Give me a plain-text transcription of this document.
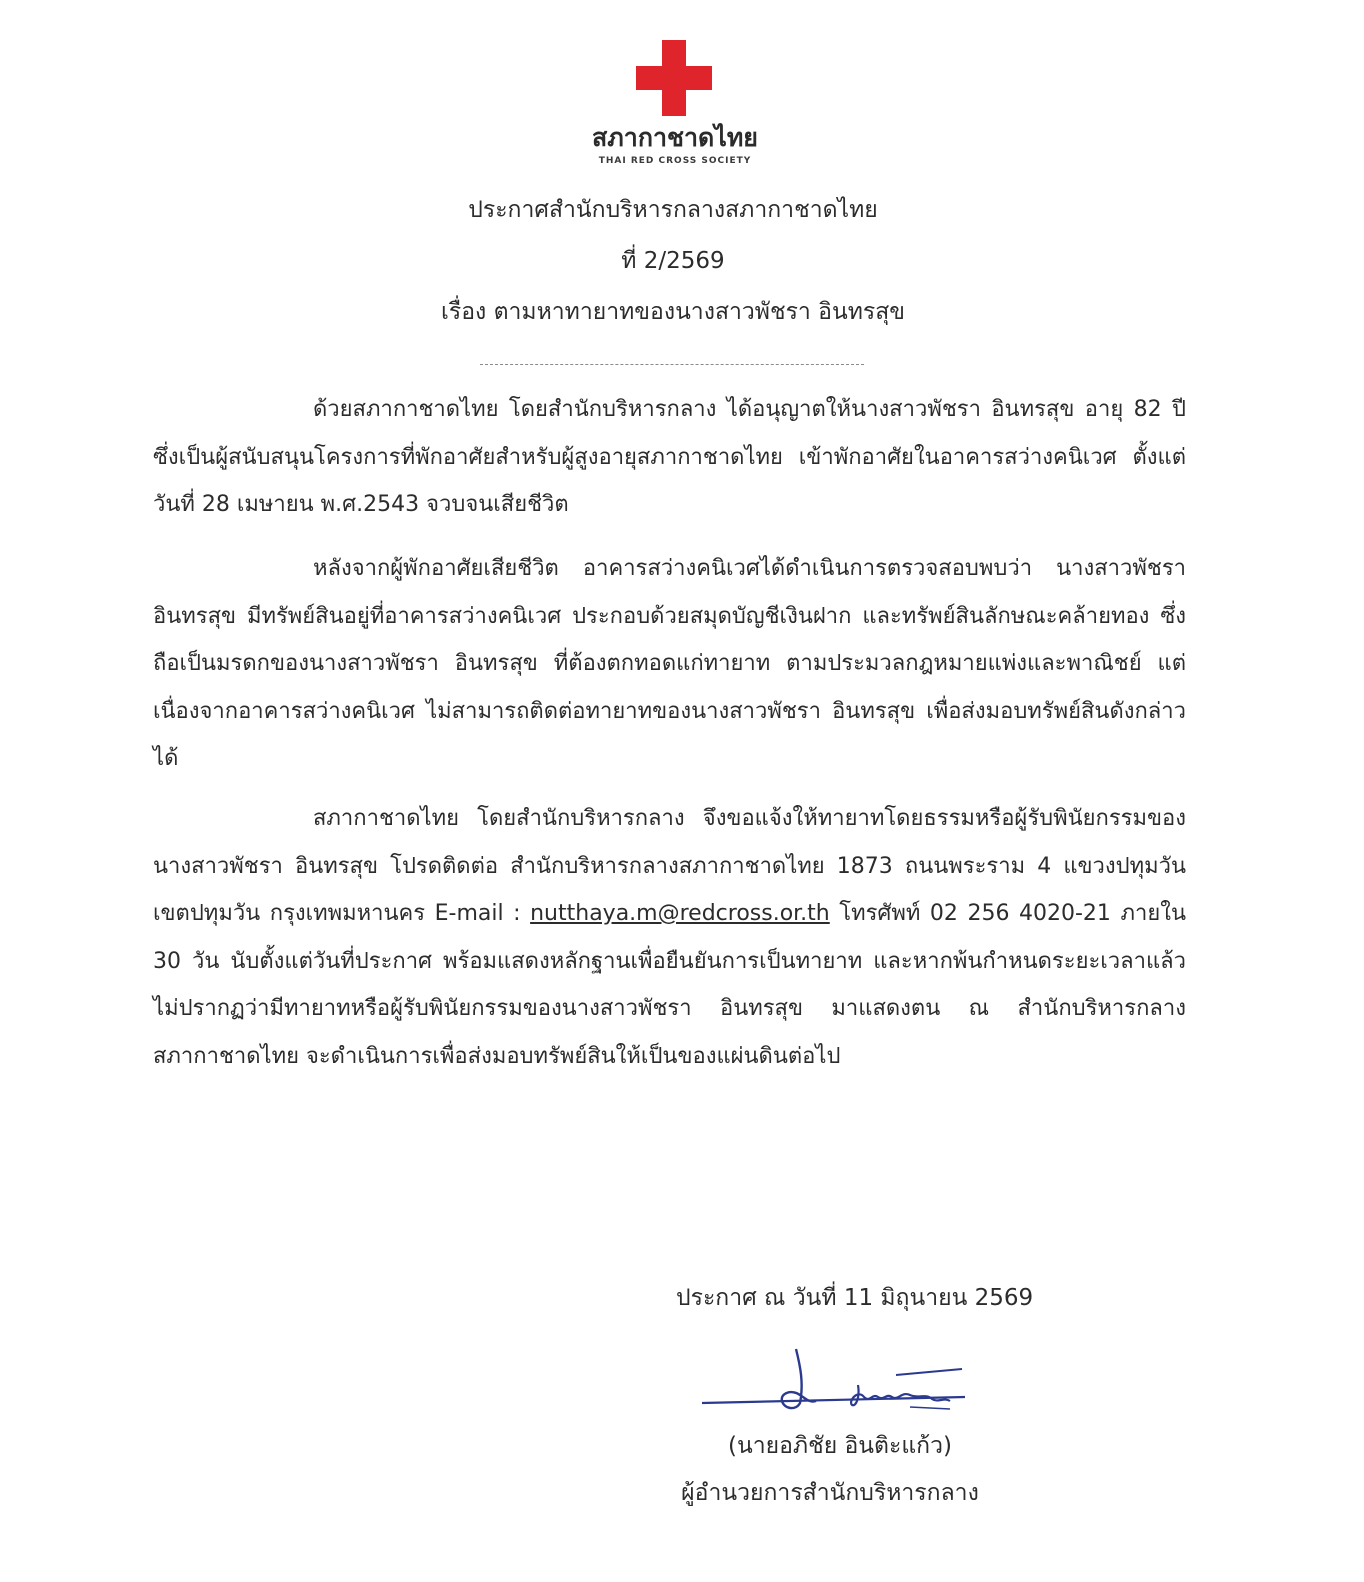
สภากาชาดไทย
THAI RED CROSS SOCIETY
ประกาศสำนักบริหารกลางสภากาชาดไทย
ที่ 2/2569
เรื่อง ตามหาทายาทของนางสาวพัชรา อินทรสุข
ด้วยสภากาชาดไทย โดยสำนักบริหารกลาง ได้อนุญาตให้นางสาวพัชรา อินทรสุข อายุ 82 ปี ซึ่งเป็นผู้สนับสนุนโครงการที่พักอาศัยสำหรับผู้สูงอายุสภากาชาดไทย เข้าพักอาศัยในอาคารสว่างคนิเวศ ตั้งแต่วันที่ 28 เมษายน พ.ศ.2543 จวบจนเสียชีวิต
หลังจากผู้พักอาศัยเสียชีวิต อาคารสว่างคนิเวศได้ดำเนินการตรวจสอบพบว่า นางสาวพัชรา อินทรสุข มีทรัพย์สินอยู่ที่อาคารสว่างคนิเวศ ประกอบด้วยสมุดบัญชีเงินฝาก และทรัพย์สินลักษณะคล้ายทอง ซึ่งถือเป็นมรดกของนางสาวพัชรา อินทรสุข ที่ต้องตกทอดแก่ทายาท ตามประมวลกฎหมายแพ่งและพาณิชย์ แต่เนื่องจากอาคารสว่างคนิเวศ ไม่สามารถติดต่อทายาทของนางสาวพัชรา อินทรสุข เพื่อส่งมอบทรัพย์สินดังกล่าวได้
สภากาชาดไทย โดยสำนักบริหารกลาง จึงขอแจ้งให้ทายาทโดยธรรมหรือผู้รับพินัยกรรมของนางสาวพัชรา อินทรสุข โปรดติดต่อ สำนักบริหารกลางสภากาชาดไทย 1873 ถนนพระราม 4 แขวงปทุมวัน เขตปทุมวัน กรุงเทพมหานคร E-mail : nutthaya.m@redcross.or.th โทรศัพท์ 02 256 4020-21 ภายใน 30 วัน นับตั้งแต่วันที่ประกาศ พร้อมแสดงหลักฐานเพื่อยืนยันการเป็นทายาท และหากพ้นกำหนดระยะเวลาแล้ว ไม่ปรากฏว่ามีทายาทหรือผู้รับพินัยกรรมของนางสาวพัชรา อินทรสุข มาแสดงตน ณ สำนักบริหารกลางสภากาชาดไทย จะดำเนินการเพื่อส่งมอบทรัพย์สินให้เป็นของแผ่นดินต่อไป
ประกาศ ณ วันที่ 11 มิถุนายน 2569
(นายอภิชัย อินติะแก้ว)
ผู้อำนวยการสำนักบริหารกลาง
